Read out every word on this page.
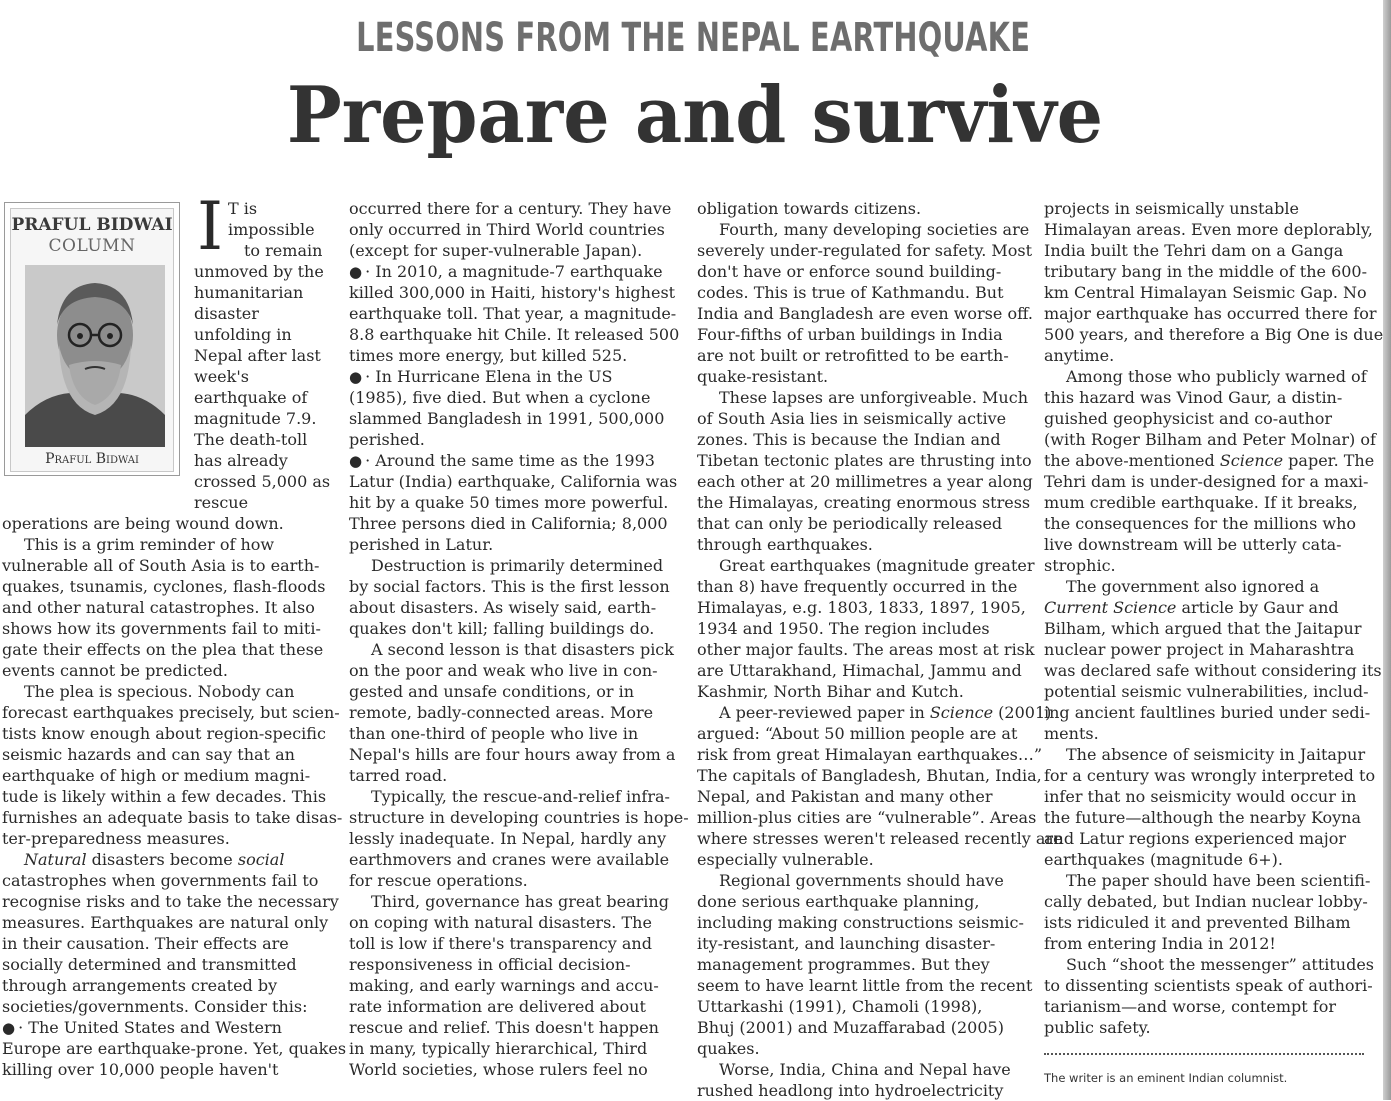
LESSONS FROM THE NEPAL EARTHQUAKE
Prepare and survive
PRAFUL BIDWAI
COLUMN
Praful Bidwai
I T is
impossible
to remain
unmoved by the
humanitarian
disaster
unfolding in
Nepal after last
week's
earthquake of
magnitude 7.9.
The death-toll
has already
crossed 5,000 as
rescue
operations are being wound down.
This is a grim reminder of how
vulnerable all of South Asia is to earth-
quakes, tsunamis, cyclones, flash-floods
and other natural catastrophes. It also
shows how its governments fail to miti-
gate their effects on the plea that these
events cannot be predicted.
The plea is specious. Nobody can
forecast earthquakes precisely, but scien-
tists know enough about region-specific
seismic hazards and can say that an
earthquake of high or medium magni-
tude is likely within a few decades. This
furnishes an adequate basis to take disas-
ter-preparedness measures.
Natural disasters become social
catastrophes when governments fail to
recognise risks and to take the necessary
measures. Earthquakes are natural only
in their causation. Their effects are
socially determined and transmitted
through arrangements created by
societies/governments. Consider this:
● · The United States and Western
Europe are earthquake-prone. Yet, quakes
killing over 10,000 people haven't
occurred there for a century. They have
only occurred in Third World countries
(except for super-vulnerable Japan).
● · In 2010, a magnitude-7 earthquake
killed 300,000 in Haiti, history's highest
earthquake toll. That year, a magnitude-
8.8 earthquake hit Chile. It released 500
times more energy, but killed 525.
● · In Hurricane Elena in the US
(1985), five died. But when a cyclone
slammed Bangladesh in 1991, 500,000
perished.
● · Around the same time as the 1993
Latur (India) earthquake, California was
hit by a quake 50 times more powerful.
Three persons died in California; 8,000
perished in Latur.
Destruction is primarily determined
by social factors. This is the first lesson
about disasters. As wisely said, earth-
quakes don't kill; falling buildings do.
A second lesson is that disasters pick
on the poor and weak who live in con-
gested and unsafe conditions, or in
remote, badly-connected areas. More
than one-third of people who live in
Nepal's hills are four hours away from a
tarred road.
Typically, the rescue-and-relief infra-
structure in developing countries is hope-
lessly inadequate. In Nepal, hardly any
earthmovers and cranes were available
for rescue operations.
Third, governance has great bearing
on coping with natural disasters. The
toll is low if there's transparency and
responsiveness in official decision-
making, and early warnings and accu-
rate information are delivered about
rescue and relief. This doesn't happen
in many, typically hierarchical, Third
World societies, whose rulers feel no
obligation towards citizens.
Fourth, many developing societies are
severely under-regulated for safety. Most
don't have or enforce sound building-
codes. This is true of Kathmandu. But
India and Bangladesh are even worse off.
Four-fifths of urban buildings in India
are not built or retrofitted to be earth-
quake-resistant.
These lapses are unforgiveable. Much
of South Asia lies in seismically active
zones. This is because the Indian and
Tibetan tectonic plates are thrusting into
each other at 20 millimetres a year along
the Himalayas, creating enormous stress
that can only be periodically released
through earthquakes.
Great earthquakes (magnitude greater
than 8) have frequently occurred in the
Himalayas, e.g. 1803, 1833, 1897, 1905,
1934 and 1950. The region includes
other major faults. The areas most at risk
are Uttarakhand, Himachal, Jammu and
Kashmir, North Bihar and Kutch.
A peer-reviewed paper in Science (2001)
argued: “About 50 million people are at
risk from great Himalayan earthquakes…”
The capitals of Bangladesh, Bhutan, India,
Nepal, and Pakistan and many other
million-plus cities are “vulnerable”. Areas
where stresses weren't released recently are
especially vulnerable.
Regional governments should have
done serious earthquake planning,
including making constructions seismic-
ity-resistant, and launching disaster-
management programmes. But they
seem to have learnt little from the recent
Uttarkashi (1991), Chamoli (1998),
Bhuj (2001) and Muzaffarabad (2005)
quakes.
Worse, India, China and Nepal have
rushed headlong into hydroelectricity
projects in seismically unstable
Himalayan areas. Even more deplorably,
India built the Tehri dam on a Ganga
tributary bang in the middle of the 600-
km Central Himalayan Seismic Gap. No
major earthquake has occurred there for
500 years, and therefore a Big One is due
anytime.
Among those who publicly warned of
this hazard was Vinod Gaur, a distin-
guished geophysicist and co-author
(with Roger Bilham and Peter Molnar) of
the above-mentioned Science paper. The
Tehri dam is under-designed for a maxi-
mum credible earthquake. If it breaks,
the consequences for the millions who
live downstream will be utterly cata-
strophic.
The government also ignored a
Current Science article by Gaur and
Bilham, which argued that the Jaitapur
nuclear power project in Maharashtra
was declared safe without considering its
potential seismic vulnerabilities, includ-
ing ancient faultlines buried under sedi-
ments.
The absence of seismicity in Jaitapur
for a century was wrongly interpreted to
infer that no seismicity would occur in
the future—although the nearby Koyna
and Latur regions experienced major
earthquakes (magnitude 6+).
The paper should have been scientifi-
cally debated, but Indian nuclear lobby-
ists ridiculed it and prevented Bilham
from entering India in 2012!
Such “shoot the messenger” attitudes
to dissenting scientists speak of authori-
tarianism—and worse, contempt for
public safety.
The writer is an eminent Indian columnist.
